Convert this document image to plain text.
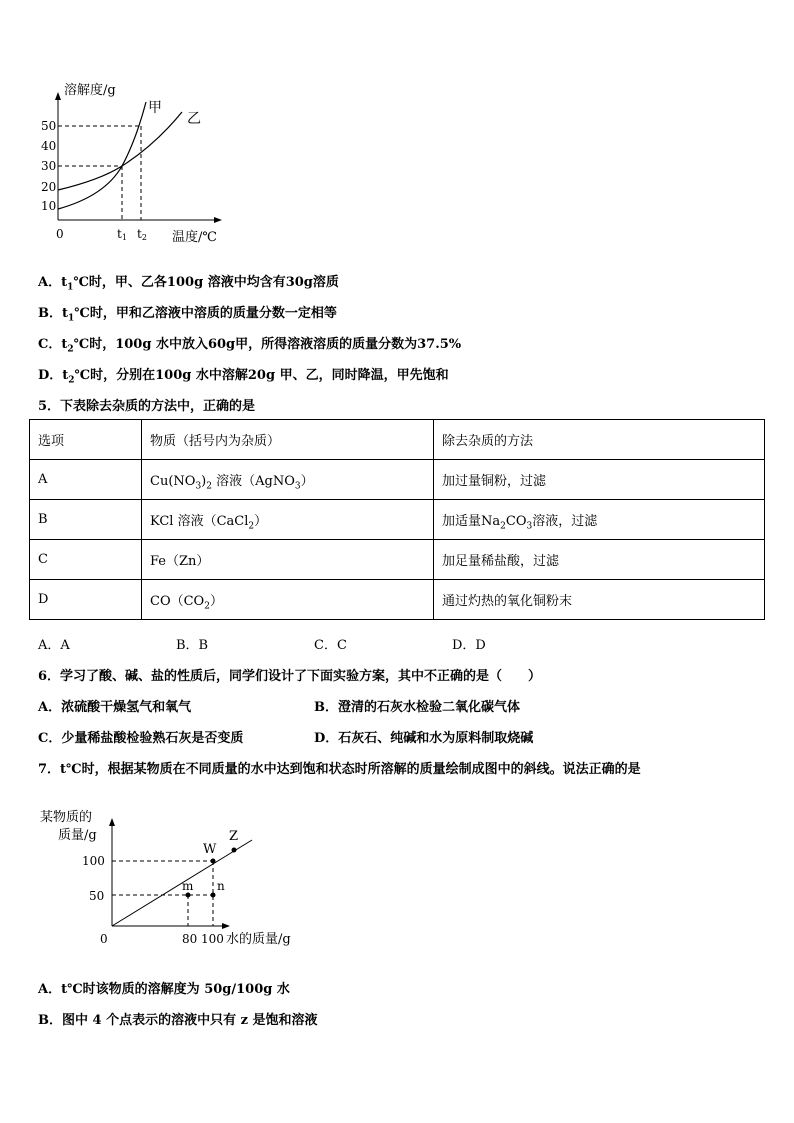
溶解度/g
50
40
30
20
10
0	t1 t2 温度/℃
甲
乙
A．$t_1℃$时，甲、乙各100g 溶液中均含有30g溶质
B．$t_1℃$时，甲和乙溶液中溶质的质量分数一定相等
C．$t_2℃$时，100g 水中放入60g甲，所得溶液溶质的质量分数为37.5%
D．$t_2℃$时，分别在100g 水中溶解20g 甲、乙，同时降温，甲先饱和
5．下表除去杂质的方法中，正确的是
选项	物质（括号内为杂质）	除去杂质的方法
A	$Cu(NO_3)_2$ 溶液（AgNO$_3$）	加过量铜粉，过滤
B	KCl 溶液（CaCl$_2$）	加适量$Na_2CO_3$溶液，过滤
C	Fe（Zn）	加足量稀盐酸，过滤
D	$CO(CO_2)$	通过灼热的氧化铜粉末
A．A	B．B	C．C	D．D
6．学习了酸、碱、盐的性质后，同学们设计了下面实验方案，其中不正确的是（　　）
A．浓硫酸干燥氢气和氧气	B．澄清的石灰水检验二氧化碳气体
C．少量稀盐酸检验熟石灰是否变质	D．石灰石、纯碱和水为原料制取烧碱
7．t℃时，根据某物质在不同质量的水中达到饱和状态时所溶解的质量绘制成图中的斜线。说法正确的是
某物质的
质量/g
100
50
0	80 100 水的质量/g
W
Z
m n
A．t℃时该物质的溶解度为 50g/100g 水
B．图中 4 个点表示的溶液中只有 z 是饱和溶液
